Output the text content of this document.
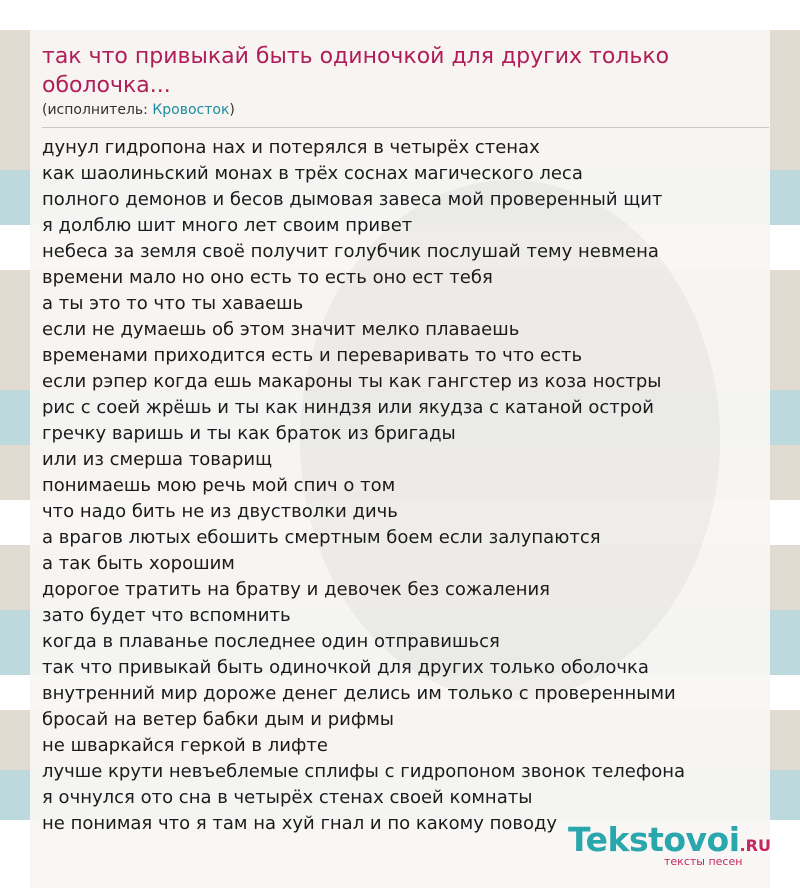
так что привыкай быть одиночкой для других только оболочка...
(исполнитель: Кровосток)
дунул гидропона нах и потерялся в четырёх стенах
как шаолиньский монах в трёх соснах магического леса
полного демонов и бесов дымовая завеса мой проверенный щит
я долблю шит много лет своим привет
небеса за земля своё получит голубчик послушай тему невмена
времени мало но оно есть то есть оно ест тебя
а ты это то что ты хаваешь
если не думаешь об этом значит мелко плаваешь
временами приходится есть и переваривать то что есть
если рэпер когда ешь макароны ты как гангстер из коза ностры
рис с соей жрёшь и ты как ниндзя или якудза с катаной острой
гречку варишь и ты как браток из бригады
или из смерша товарищ
понимаешь мою речь мой спич о том
что надо бить не из двустволки дичь
а врагов лютых ебошить смертным боем если залупаются
а так быть хорошим
дорогое тратить на братву и девочек без сожаления
зато будет что вспомнить
когда в плаванье последнее один отправишься
так что привыкай быть одиночкой для других только оболочка
внутренний мир дороже денег делись им только с проверенными
бросай на ветер бабки дым и рифмы
не шваркайся геркой в лифте
лучше крути невъеблемые сплифы с гидропоном звонок телефона
я очнулся ото сна в четырёх стенах своей комнаты
не понимая что я там на хуй гнал и по какому поводу Tekstovoi.RU
тексты песен
